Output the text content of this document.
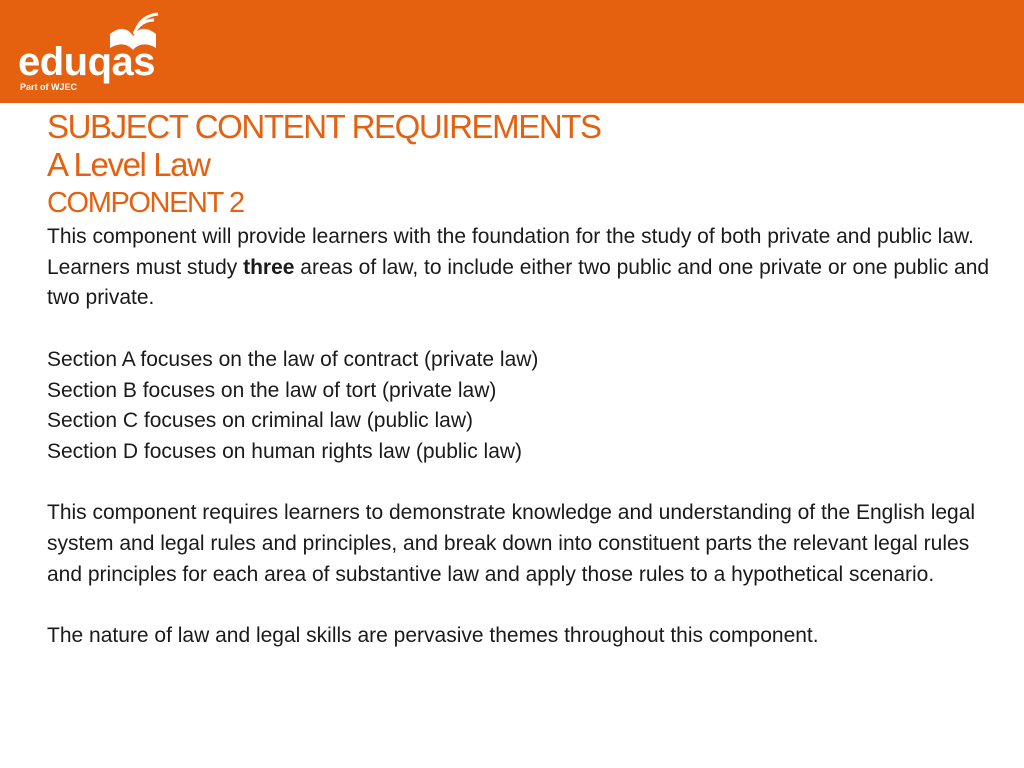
eduqas
Part of WJEC
SUBJECT CONTENT REQUIREMENTS
A Level Law
COMPONENT 2

This component will provide learners with the foundation for the study of both private and public law. Learners must study three areas of law, to include either two public and one private or one public and two private.

Section A focuses on the law of contract (private law)

Section B focuses on the law of tort (private law)

Section C focuses on criminal law (public law)

Section D focuses on human rights law (public law)

This component requires learners to demonstrate knowledge and understanding of the English legal system and legal rules and principles, and break down into constituent parts the relevant legal rules and principles for each area of substantive law and apply those rules to a hypothetical scenario.

The nature of law and legal skills are pervasive themes throughout this component.
